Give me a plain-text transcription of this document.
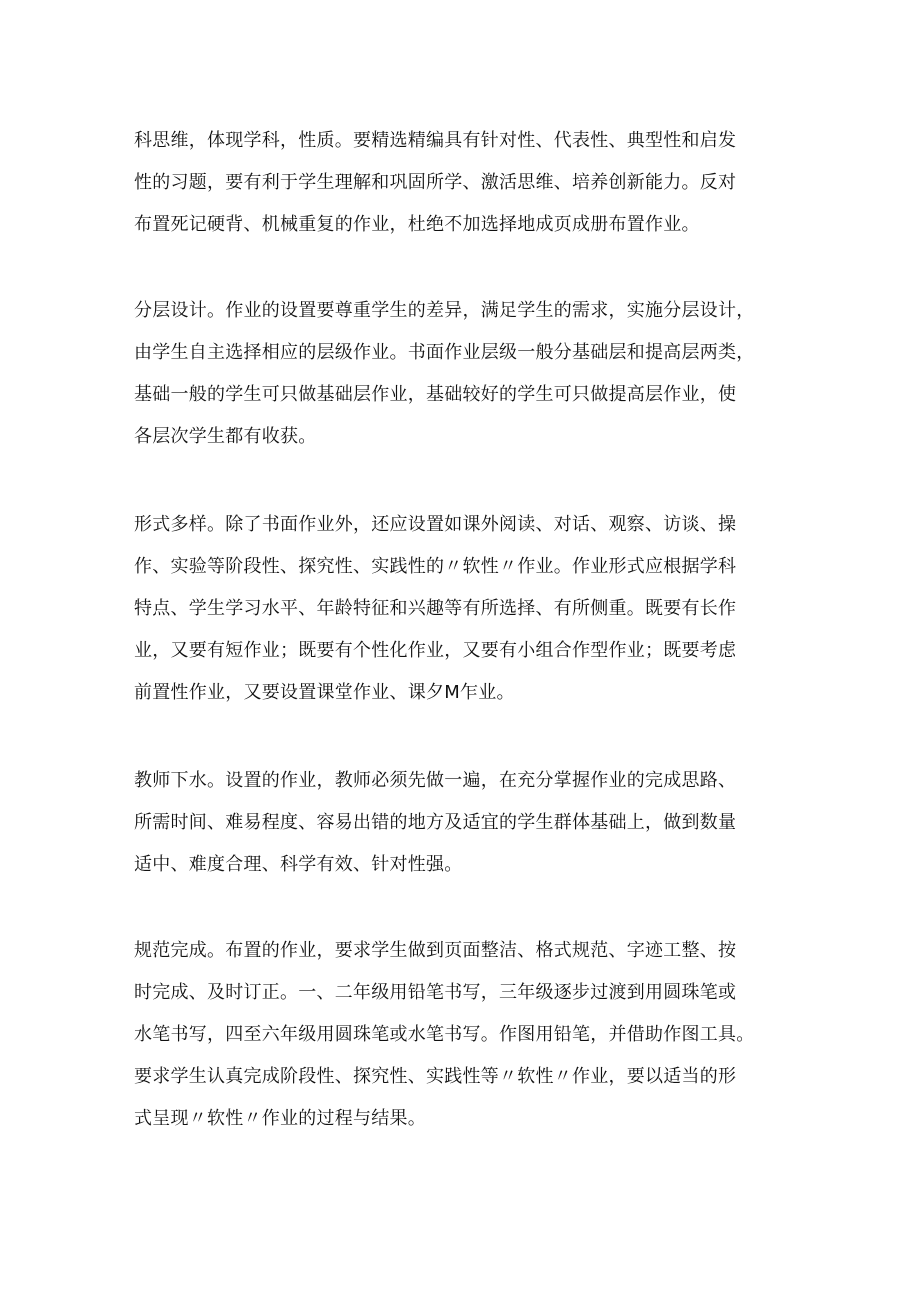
科思维，体现学科，性质。要精选精编具有针对性、代表性、典型性和启发
性的习题，要有利于学生理解和巩固所学、激活思维、培养创新能力。反对
布置死记硬背、机械重复的作业，杜绝不加选择地成页成册布置作业。
分层设计。作业的设置要尊重学生的差异，满足学生的需求，实施分层设计，
由学生自主选择相应的层级作业。书面作业层级一般分基础层和提高层两类，
基础一般的学生可只做基础层作业，基础较好的学生可只做提高层作业，使
各层次学生都有收获。
形式多样。除了书面作业外，还应设置如课外阅读、对话、观察、访谈、操
作、实验等阶段性、探究性、实践性的〃软性〃作业。作业形式应根据学科
特点、学生学习水平、年龄特征和兴趣等有所选择、有所侧重。既要有长作
业，又要有短作业；既要有个性化作业，又要有小组合作型作业；既要考虑
前置性作业，又要设置课堂作业、课夕M乍业。
教师下水。设置的作业，教师必须先做一遍，在充分掌握作业的完成思路、
所需时间、难易程度、容易出错的地方及适宜的学生群体基础上，做到数量
适中、难度合理、科学有效、针对性强。
规范完成。布置的作业，要求学生做到页面整洁、格式规范、字迹工整、按
时完成、及时订正。一、二年级用铅笔书写，三年级逐步过渡到用圆珠笔或
水笔书写，四至六年级用圆珠笔或水笔书写。作图用铅笔，并借助作图工具。
要求学生认真完成阶段性、探究性、实践性等〃软性〃作业，要以适当的形
式呈现〃软性〃作业的过程与结果。
